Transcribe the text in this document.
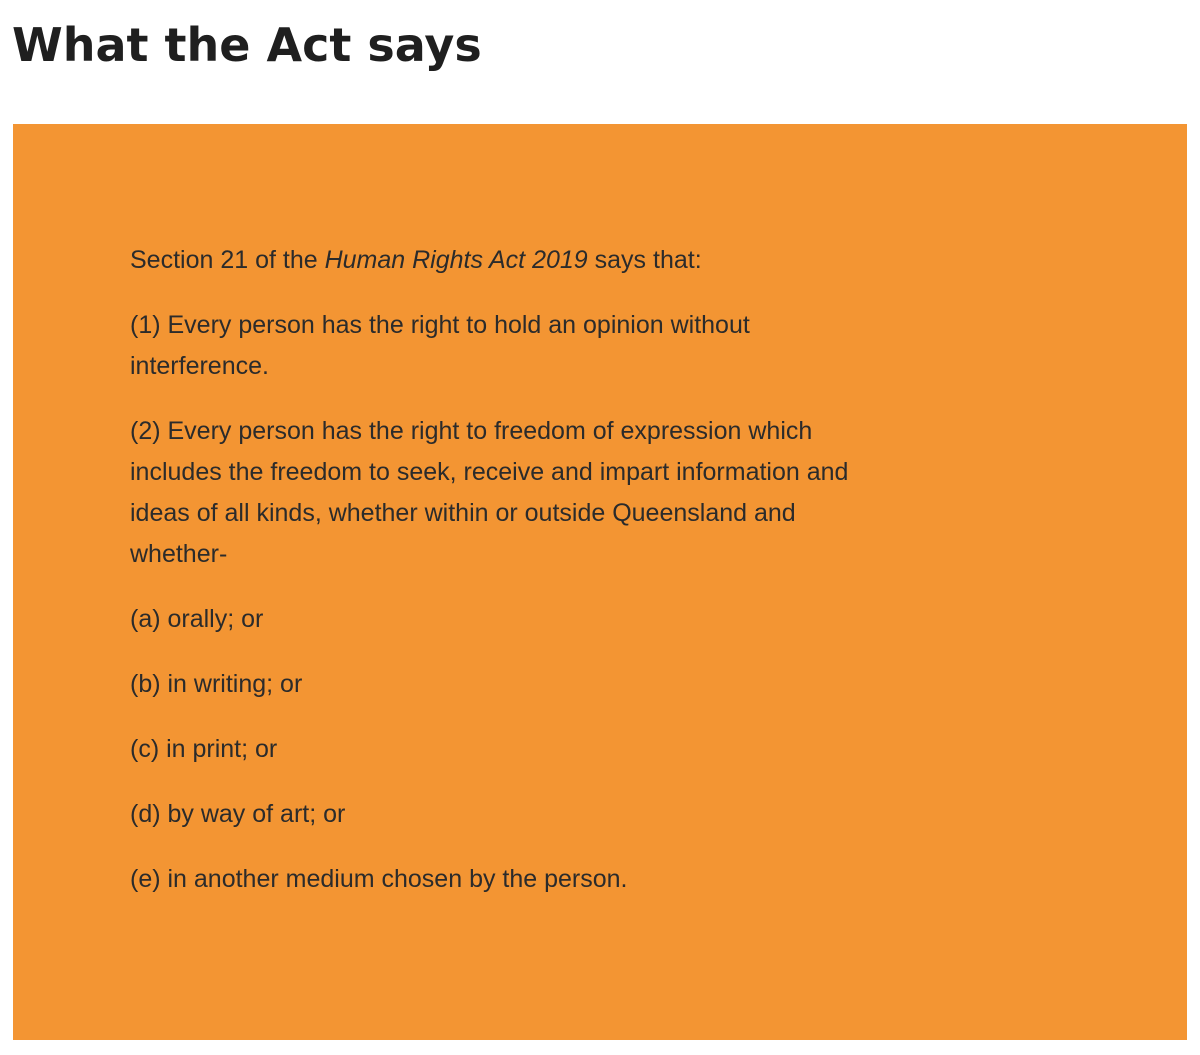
What the Act says

Section 21 of the Human Rights Act 2019 says that:

(1) Every person has the right to hold an opinion without interference.

(2) Every person has the right to freedom of expression which includes the freedom to seek, receive and impart information and ideas of all kinds, whether within or outside Queensland and whether-

(a) orally; or

(b) in writing; or

(c) in print; or

(d) by way of art; or

(e) in another medium chosen by the person.
